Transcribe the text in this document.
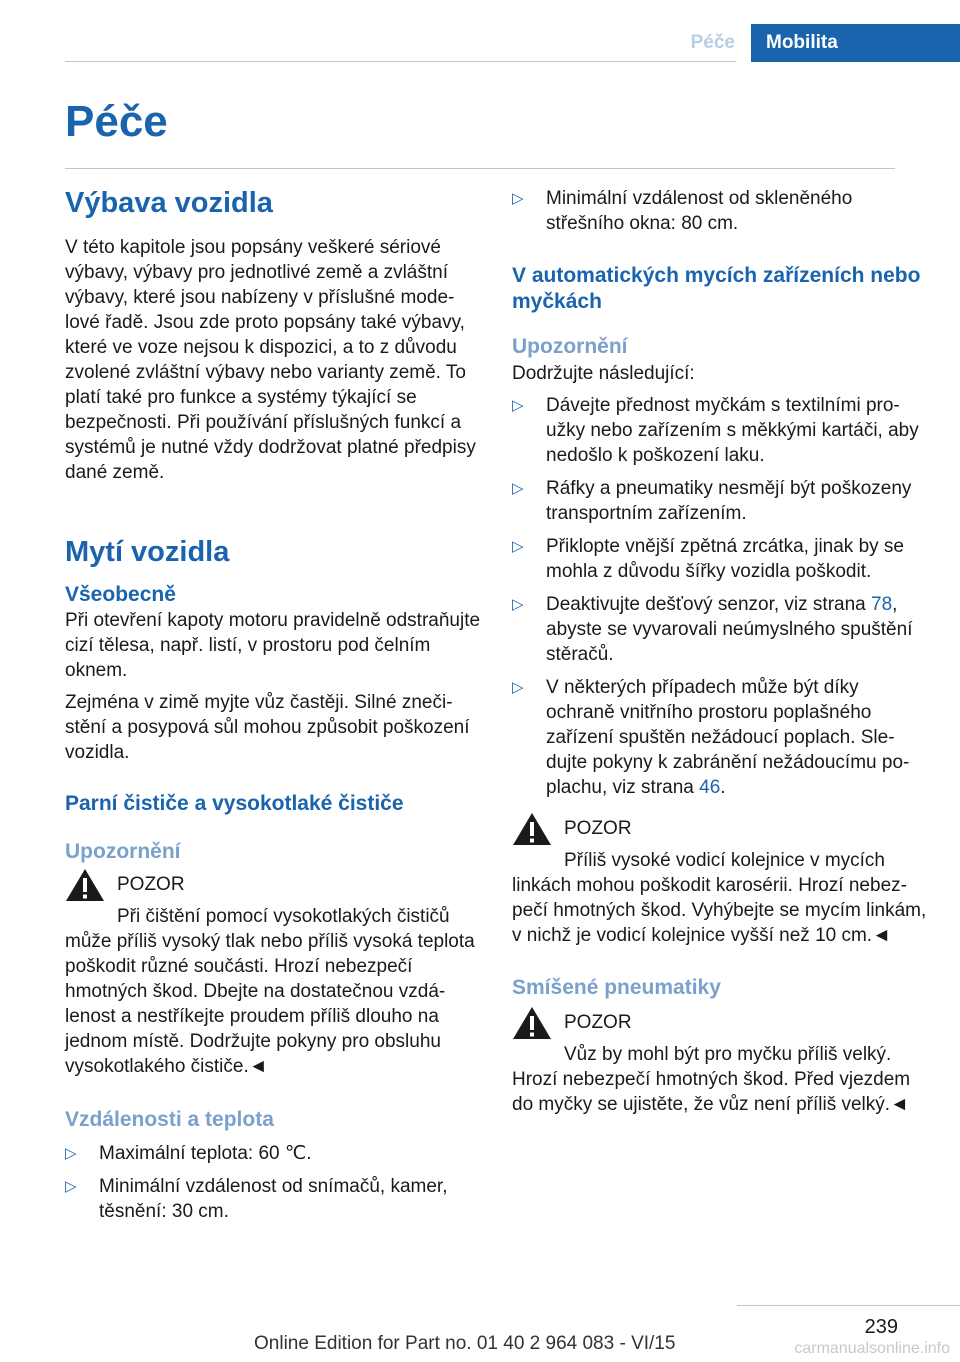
Péče	Mobilita
Péče
Výbava vozidla

V této kapitole jsou popsány veškeré sériové výbavy, výbavy pro jednotlivé země a zvláštní výbavy, které jsou nabízeny v příslušné modelové řadě. Jsou zde proto popsány také výbavy, které ve voze nejsou k dispozici, a to z důvodu zvolené zvláštní výbavy nebo varianty země. To platí také pro funkce a systémy týkající se bezpečnosti. Při používání příslušných funkcí a systémů je nutné vždy dodržovat platné předpisy dané země.

Mytí vozidla
Všeobecně

Při otevření kapoty motoru pravidelně odstraňujte cizí tělesa, např. listí, v prostoru pod čelním oknem.

Zejména v zimě myjte vůz častěji. Silné znečistění a posypová sůl mohou způsobit poškození vozidla.

Parní čističe a vysokotlaké čističe
Upozornění
POZOR
Při čištění pomocí vysokotlakých čističů
může příliš vysoký tlak nebo příliš vysoká teplota poškodit různé součásti. Hrozí nebezpečí hmotných škod. Dbejte na dostatečnou vzdálenost a nestříkejte proudem příliš dlouho na jednom místě. Dodržujte pokyny pro obsluhu vysokotlakého čističe.◄
Vzdálenosti a teplota
▷ Maximální teplota: 60 ℃.
▷ Minimální vzdálenost od snímačů, kamer, těsnění: 30 cm.
▷ Minimální vzdálenost od skleněného střešního okna: 80 cm.
V automatických mycích zařízeních nebo myčkách
Upozornění

Dodržujte následující:

▷ Dávejte přednost myčkám s textilními proužky nebo zařízením s měkkými kartáči, aby nedošlo k poškození laku.
▷ Ráfky a pneumatiky nesmějí být poškozeny transportním zařízením.
▷ Přiklopte vnější zpětná zrcátka, jinak by se mohla z důvodu šířky vozidla poškodit.
▷ Deaktivujte dešťový senzor, viz strana 78, abyste se vyvarovali neúmyslného spuštění stěračů.
▷ V některých případech může být díky ochraně vnitřního prostoru poplašného zařízení spuštěn nežádoucí poplach. Sledujte pokyny k zabránění nežádoucímu poplachu, viz strana 46.
POZOR
Příliš vysoké vodicí kolejnice v mycích
linkách mohou poškodit karosérii. Hrozí nebezpečí hmotných škod. Vyhýbejte se mycím linkám, v nichž je vodicí kolejnice vyšší než 10 cm.◄
Smíšené pneumatiky
POZOR
Vůz by mohl být pro myčku příliš velký.
Hrozí nebezpečí hmotných škod. Před vjezdem do myčky se ujistěte, že vůz není příliš velký.◄
239
Online Edition for Part no. 01 40 2 964 083 - VI/15	carmanualsonline.info
